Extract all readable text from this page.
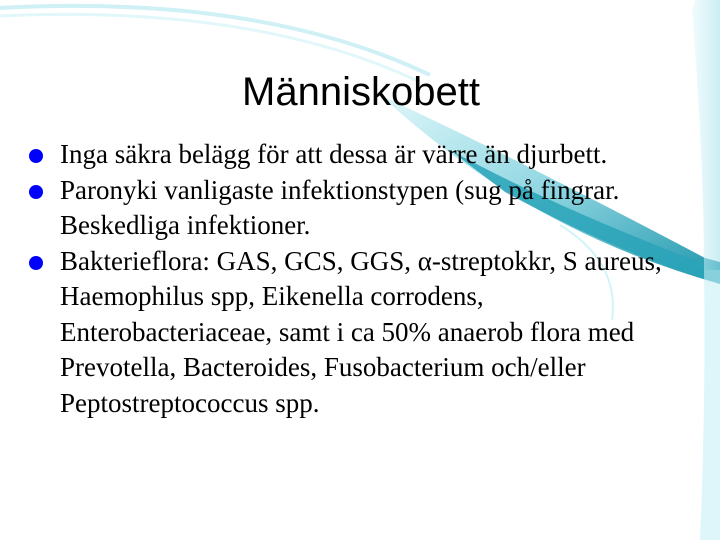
Människobett
Inga säkra belägg för att dessa är värre än djurbett.
Paronyki vanligaste infektionstypen (sug på fingrar. Beskedliga infektioner.
Bakterieflora: GAS, GCS, GGS, α-streptokkr, S aureus, Haemophilus spp, Eikenella corrodens, Enterobacteriaceae, samt i ca 50% anaerob flora med Prevotella, Bacteroides, Fusobacterium och/eller Peptostreptococcus spp.
